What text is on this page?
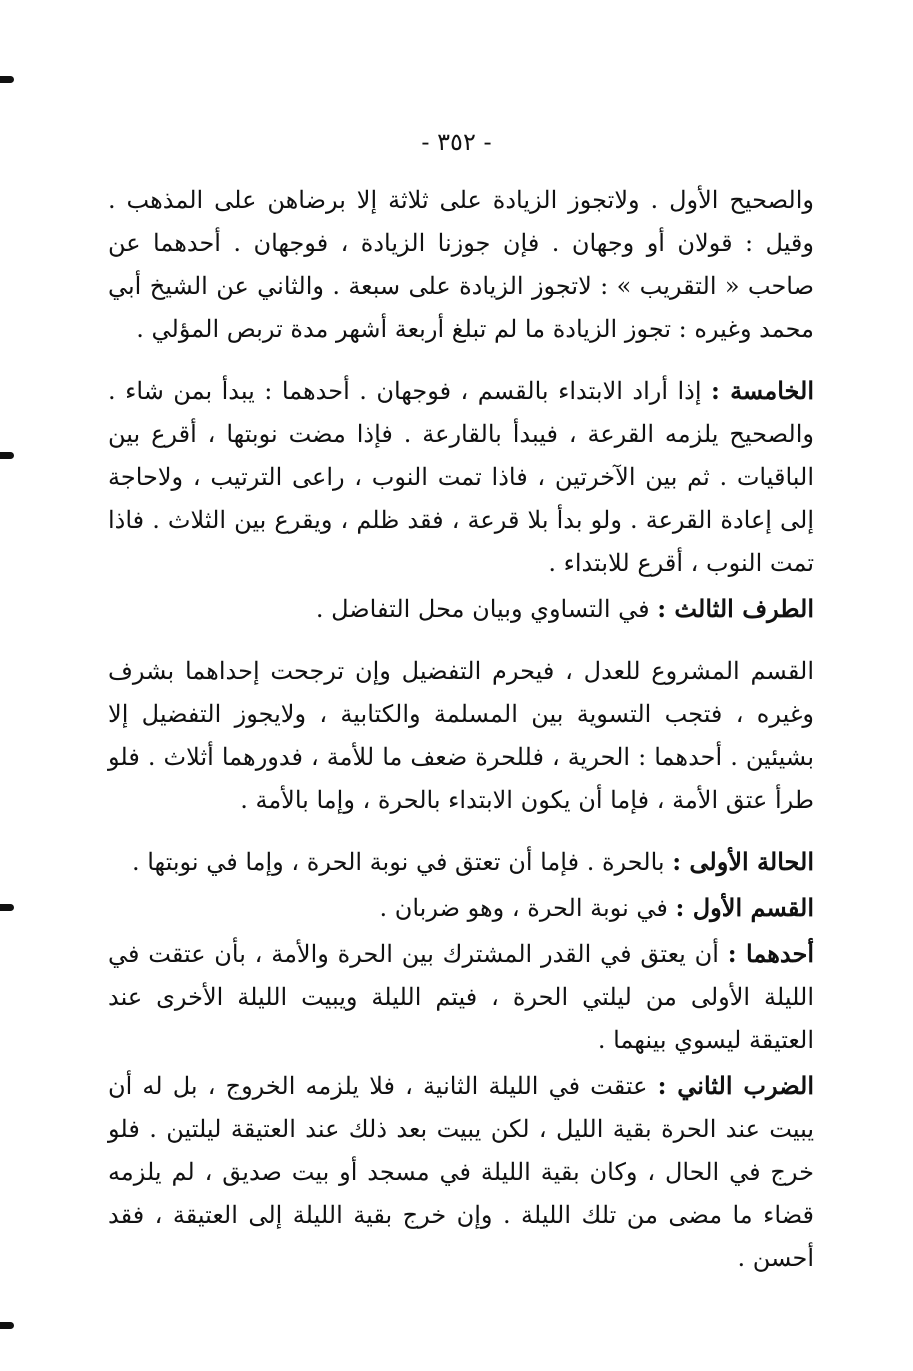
- ٣٥٢ -

والصحيح الأول . ولاتجوز الزيادة على ثلاثة إلا برضاهن على المذهب . وقيل : قولان أو وجهان . فإن جوزنا الزيادة ، فوجهان . أحدهما عن صاحب « التقريب » : لاتجوز الزيادة على سبعة . والثاني عن الشيخ أبي محمد وغيره : تجوز الزيادة ما لم تبلغ أربعة أشهر مدة تربص المؤلي .

الخامسة : إذا أراد الابتداء بالقسم ، فوجهان . أحدهما : يبدأ بمن شاء . والصحيح يلزمه القرعة ، فيبدأ بالقارعة . فإذا مضت نوبتها ، أقرع بين الباقيات . ثم بين الآخرتين ، فاذا تمت النوب ، راعى الترتيب ، ولاحاجة إلى إعادة القرعة . ولو بدأ بلا قرعة ، فقد ظلم ، ويقرع بين الثلاث . فاذا تمت النوب ، أقرع للابتداء .

الطرف الثالث : في التساوي وبيان محل التفاضل .

القسم المشروع للعدل ، فيحرم التفضيل وإن ترجحت إحداهما بشرف وغيره ، فتجب التسوية بين المسلمة والكتابية ، ولايجوز التفضيل إلا بشيئين . أحدهما : الحرية ، فللحرة ضعف ما للأمة ، فدورهما أثلاث . فلو طرأ عتق الأمة ، فإما أن يكون الابتداء بالحرة ، وإما بالأمة .

الحالة الأولى : بالحرة . فإما أن تعتق في نوبة الحرة ، وإما في نوبتها .

القسم الأول : في نوبة الحرة ، وهو ضربان .

أحدهما : أن يعتق في القدر المشترك بين الحرة والأمة ، بأن عتقت في الليلة الأولى من ليلتي الحرة ، فيتم الليلة ويبيت الليلة الأخرى عند العتيقة ليسوي بينهما .

الضرب الثاني : عتقت في الليلة الثانية ، فلا يلزمه الخروج ، بل له أن يبيت عند الحرة بقية الليل ، لكن يبيت بعد ذلك عند العتيقة ليلتين . فلو خرج في الحال ، وكان بقية الليلة في مسجد أو بيت صديق ، لم يلزمه قضاء ما مضى من تلك الليلة . وإن خرج بقية الليلة إلى العتيقة ، فقد أحسن .
